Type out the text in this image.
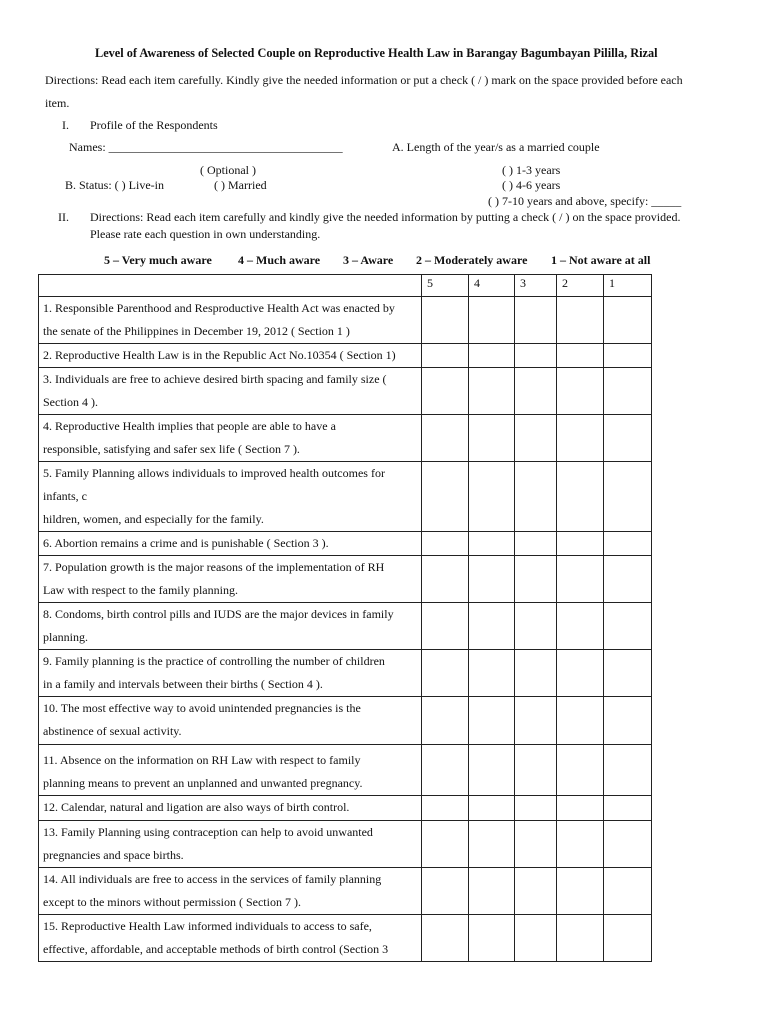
Level of Awareness of Selected Couple on Reproductive Health Law in Barangay Bagumbayan Pililla, Rizal
Directions: Read each item carefully. Kindly give the needed information or put a check ( / ) mark on the space provided before each
item.
I. Profile of the Respondents
Names: _______________________________________	A. Length of the year/s as a married couple
( Optional )	( ) 1-3 years
B. Status: ( ) Live-in	( ) Married	( ) 4-6 years
( ) 7-10 years and above, specify: _____
II. Directions: Read each item carefully and kindly give the needed information by putting a check ( / ) on the space provided.
Please rate each question in own understanding.
5 – Very much aware 4 – Much aware 3 – Aware 2 – Moderately aware 1 – Not aware at all
	5	4	3	2	1

1. Responsible Parenthood and Resproductive Health Act was enacted by
the senate of the Philippines in December 19, 2012 ( Section 1 )					

2. Reproductive Health Law is in the Republic Act No.10354 ( Section 1)					

3. Individuals are free to achieve desired birth spacing and family size (
Section 4 ).					

4. Reproductive Health implies that people are able to have a
responsible, satisfying and safer sex life ( Section 7 ).					

5. Family Planning allows individuals to improved health outcomes for
infants, c
hildren, women, and especially for the family.					

6. Abortion remains a crime and is punishable ( Section 3 ).					

7. Population growth is the major reasons of the implementation of RH
Law with respect to the family planning.					

8. Condoms, birth control pills and IUDS are the major devices in family
planning.					

9. Family planning is the practice of controlling the number of children
in a family and intervals between their births ( Section 4 ).					

10. The most effective way to avoid unintended pregnancies is the
abstinence of sexual activity.					

11. Absence on the information on RH Law with respect to family
planning means to prevent an unplanned and unwanted pregnancy.					

12. Calendar, natural and ligation are also ways of birth control.					

13. Family Planning using contraception can help to avoid unwanted
pregnancies and space births.					

14. All individuals are free to access in the services of family planning
except to the minors without permission ( Section 7 ).					

15. Reproductive Health Law informed individuals to access to safe,
effective, affordable, and acceptable methods of birth control (Section 3					
